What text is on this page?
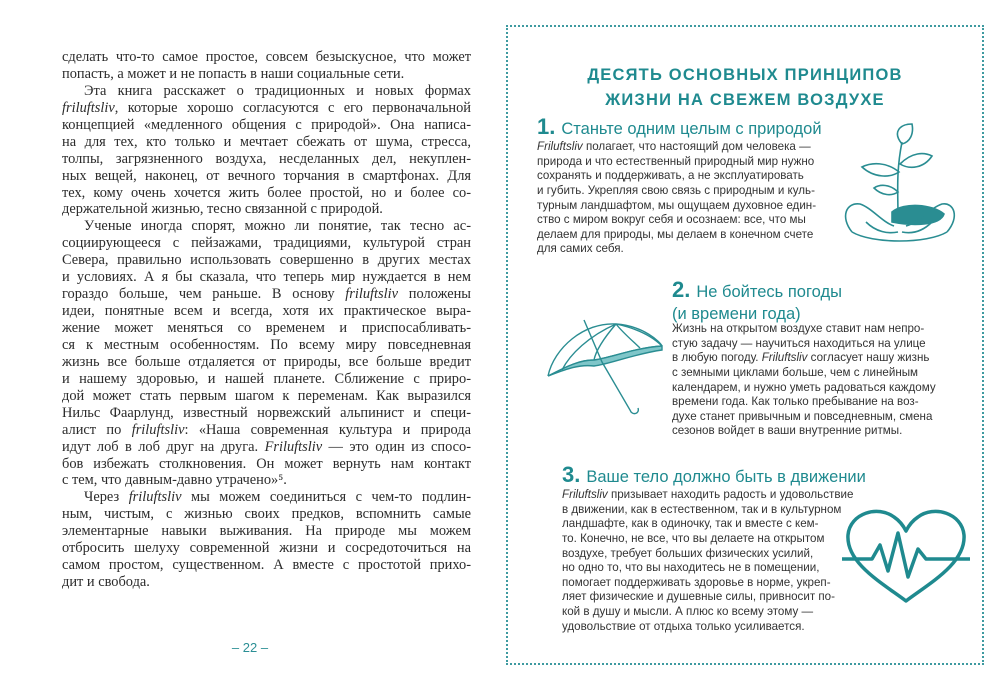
сделать что-то самое простое, совсем безыскусное, что может
попасть, а может и не попасть в наши социальные сети.
Эта книга расскажет о традиционных и новых формах
friluftsliv, которые хорошо согласуются с его первоначальной
концепцией «медленного общения с природой». Она написа-
на для тех, кто только и мечтает сбежать от шума, стресса,
толпы, загрязненного воздуха, несделанных дел, некуплен-
ных вещей, наконец, от вечного торчания в смартфонах. Для
тех, кому очень хочется жить более простой, но и более со-
держательной жизнью, тесно связанной с природой.
Ученые иногда спорят, можно ли понятие, так тесно ас-
социирующееся с пейзажами, традициями, культурой стран
Севера, правильно использовать совершенно в других местах
и условиях. А я бы сказала, что теперь мир нуждается в нем
гораздо больше, чем раньше. В основу friluftsliv положены
идеи, понятные всем и всегда, хотя их практическое выра-
жение может меняться со временем и приспосабливать-
ся к местным особенностям. По всему миру повседневная
жизнь все больше отдаляется от природы, все больше вредит
и нашему здоровью, и нашей планете. Сближение с приро-
дой может стать первым шагом к переменам. Как выразился
Нильс Фаарлунд, известный норвежский альпинист и специ-
алист по friluftsliv: «Наша современная культура и природа
идут лоб в лоб друг на друга. Friluftsliv — это один из спосо-
бов избежать столкновения. Он может вернуть нам контакт
с тем, что давным-давно утрачено»⁵.
Через friluftsliv мы можем соединиться с чем-то подлин-
ным, чистым, с жизнью своих предков, вспомнить самые
элементарные навыки выживания. На природе мы можем
отбросить шелуху современной жизни и сосредоточиться на
самом простом, существенном. А вместе с простотой прихо-
дит и свобода.
– 22 –
ДЕСЯТЬ ОСНОВНЫХ ПРИНЦИПОВ
ЖИЗНИ НА СВЕЖЕМ ВОЗДУХЕ
1. Станьте одним целым с природой
Friluftsliv полагает, что настоящий дом человека —
природа и что естественный природный мир нужно
сохранять и поддерживать, а не эксплуатировать
и губить. Укрепляя свою связь с природным и куль-
турным ландшафтом, мы ощущаем духовное един-
ство с миром вокруг себя и осознаем: все, что мы
делаем для природы, мы делаем в конечном счете
для самих себя.
2. Не бойтесь погоды
(и времени года)
Жизнь на открытом воздухе ставит нам непро-
стую задачу — научиться находиться на улице
в любую погоду. Friluftsliv согласует нашу жизнь
с земными циклами больше, чем с линейным
календарем, и нужно уметь радоваться каждому
времени года. Как только пребывание на воз-
духе станет привычным и повседневным, смена
сезонов войдет в ваши внутренние ритмы.
3. Ваше тело должно быть в движении
Friluftsliv призывает находить радость и удовольствие
в движении, как в естественном, так и в культурном
ландшафте, как в одиночку, так и вместе с кем-
то. Конечно, не все, что вы делаете на открытом
воздухе, требует больших физических усилий,
но одно то, что вы находитесь не в помещении,
помогает поддерживать здоровье в норме, укреп-
ляет физические и душевные силы, привносит по-
кой в душу и мысли. А плюс ко всему этому —
удовольствие от отдыха только усиливается.
